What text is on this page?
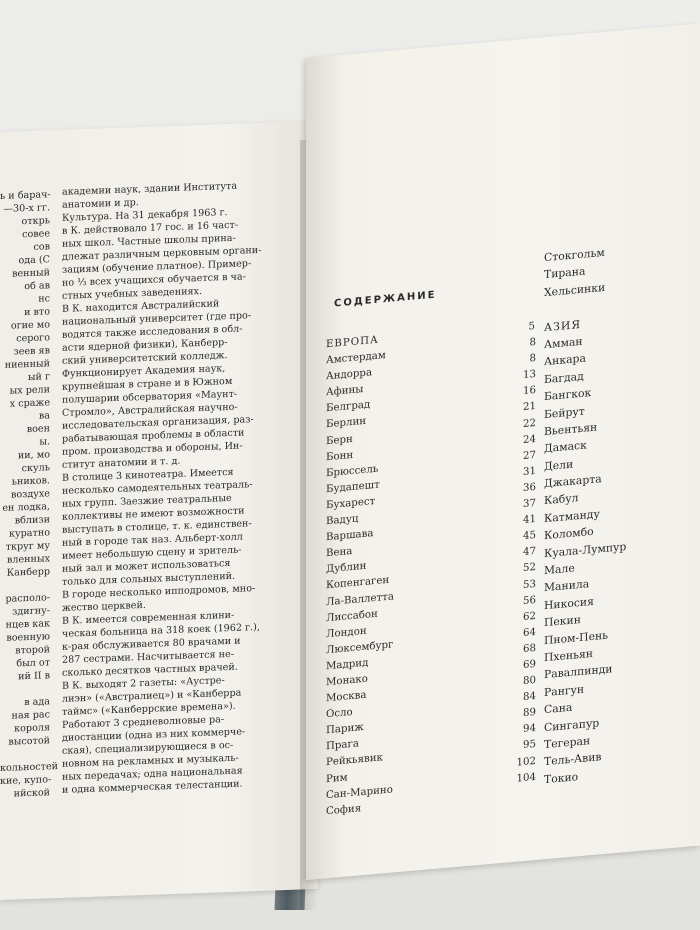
ь и барач-
—30-х гг.
открь
совее
сов
ода (С
венный
об ав
нс
и вто
огие мо
серого
зеев яв
ниенный
ый г
ых рели
х сраже
ва
воен
ы.
ии, мо
скуль
ьников.
воздухе
ен лодка,
вблизи
куратно
ткруг му
вленных
Канберр
располо-
здигну-
нцев как
военную
второй
был от
ий II в
в ада
ная рас
короля
высотой
кольностей
кие, купо-
ийской
академии наук, здании Института
анатомии и др.
Культура. На 31 декабря 1963 г.
в К. действовало 17 гос. и 16 част-
ных школ. Частные школы прина-
длежат различным церковным органи-
зациям (обучение платное). Пример-
но ⅓ всех учащихся обучается в ча-
стных учебных заведениях.
В К. находится Австралийский
национальный университет (где про-
водятся также исследования в обл-
асти ядерной физики), Канберр-
ский университетский колледж.
Функционирует Академия наук,
крупнейшая в стране и в Южном
полушарии обсерватория «Маунт-
Стромло», Австралийская научно-
исследовательская организация, раз-
рабатывающая проблемы в области
пром. производства и обороны, Ин-
ститут анатомии и т. д.
В столице 3 кинотеатра. Имеется
несколько самодеятельных театраль-
ных групп. Заезжие театральные
коллективы не имеют возможности
выступать в столице, т. к. единствен-
ный в городе так наз. Альберт-холл
имеет небольшую сцену и зритель-
ный зал и может использоваться
только для сольных выступлений.
В городе несколько ипподромов, мно-
жество церквей.
В К. имеется современная клини-
ческая больница на 318 коек (1962 г.),
к-рая обслуживается 80 врачами и
287 сестрами. Насчитывается не-
сколько десятков частных врачей.
В К. выходят 2 газеты: «Аустре-
лиэн» («Австралиец») и «Канберра
таймс» («Канберрские времена»).
Работают 3 средневолновые ра-
диостанции (одна из них коммерче-
ская), специализирующиеся в ос-
новном на рекламных и музыкаль-
ных передачах; одна национальная
и одна коммерческая телестанции.
СОДЕРЖАНИЕ
ЕВРОПА
5
Амстердам
8
Андорра
8
Афины
13
Белград
16
Берлин
21
Берн
22
Бонн
24
Брюссель
27
Будапешт
31
Бухарест
36
Вадуц
37
Варшава
41
Вена
45
Дублин
47
Копенгаген
52
Ла-Валлетта
53
Лиссабон
56
Лондон
62
Люксембург
64
Мадрид
68
Монако
69
Москва
80
Осло
84
Париж
89
Прага
94
Рейкьявик
95
Рим
102
Сан-Марино
104
София
Стокгольм
Тирана
Хельсинки
АЗИЯ
Амман
Анкара
Багдад
Бангкок
Бейрут
Вьентьян
Дамаск
Дели
Джакарта
Кабул
Катманду
Коломбо
Куала-Лумпур
Мале
Манила
Никосия
Пекин
Пном-Пень
Пхеньян
Равалпинди
Рангун
Сана
Сингапур
Тегеран
Тель-Авив
Токио
